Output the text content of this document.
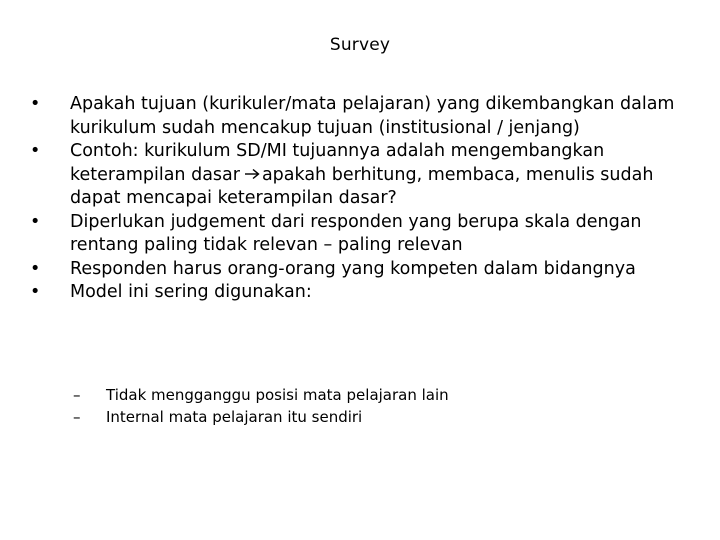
Survey
•	Apakah tujuan (kurikuler/mata pelajaran) yang dikembangkan dalam kurikulum sudah mencakup tujuan (institusional / jenjang)
•	Contoh: kurikulum SD/MI tujuannya adalah mengembangkan keterampilan dasar apakah berhitung, membaca, menulis sudah dapat mencapai keterampilan dasar?
•	Diperlukan judgement dari responden yang berupa skala dengan rentang paling tidak relevan – paling relevan
•	Responden harus orang-orang yang kompeten dalam bidangnya
•	Model ini sering digunakan:
–	Tidak mengganggu posisi mata pelajaran lain
–	Internal mata pelajaran itu sendiri
